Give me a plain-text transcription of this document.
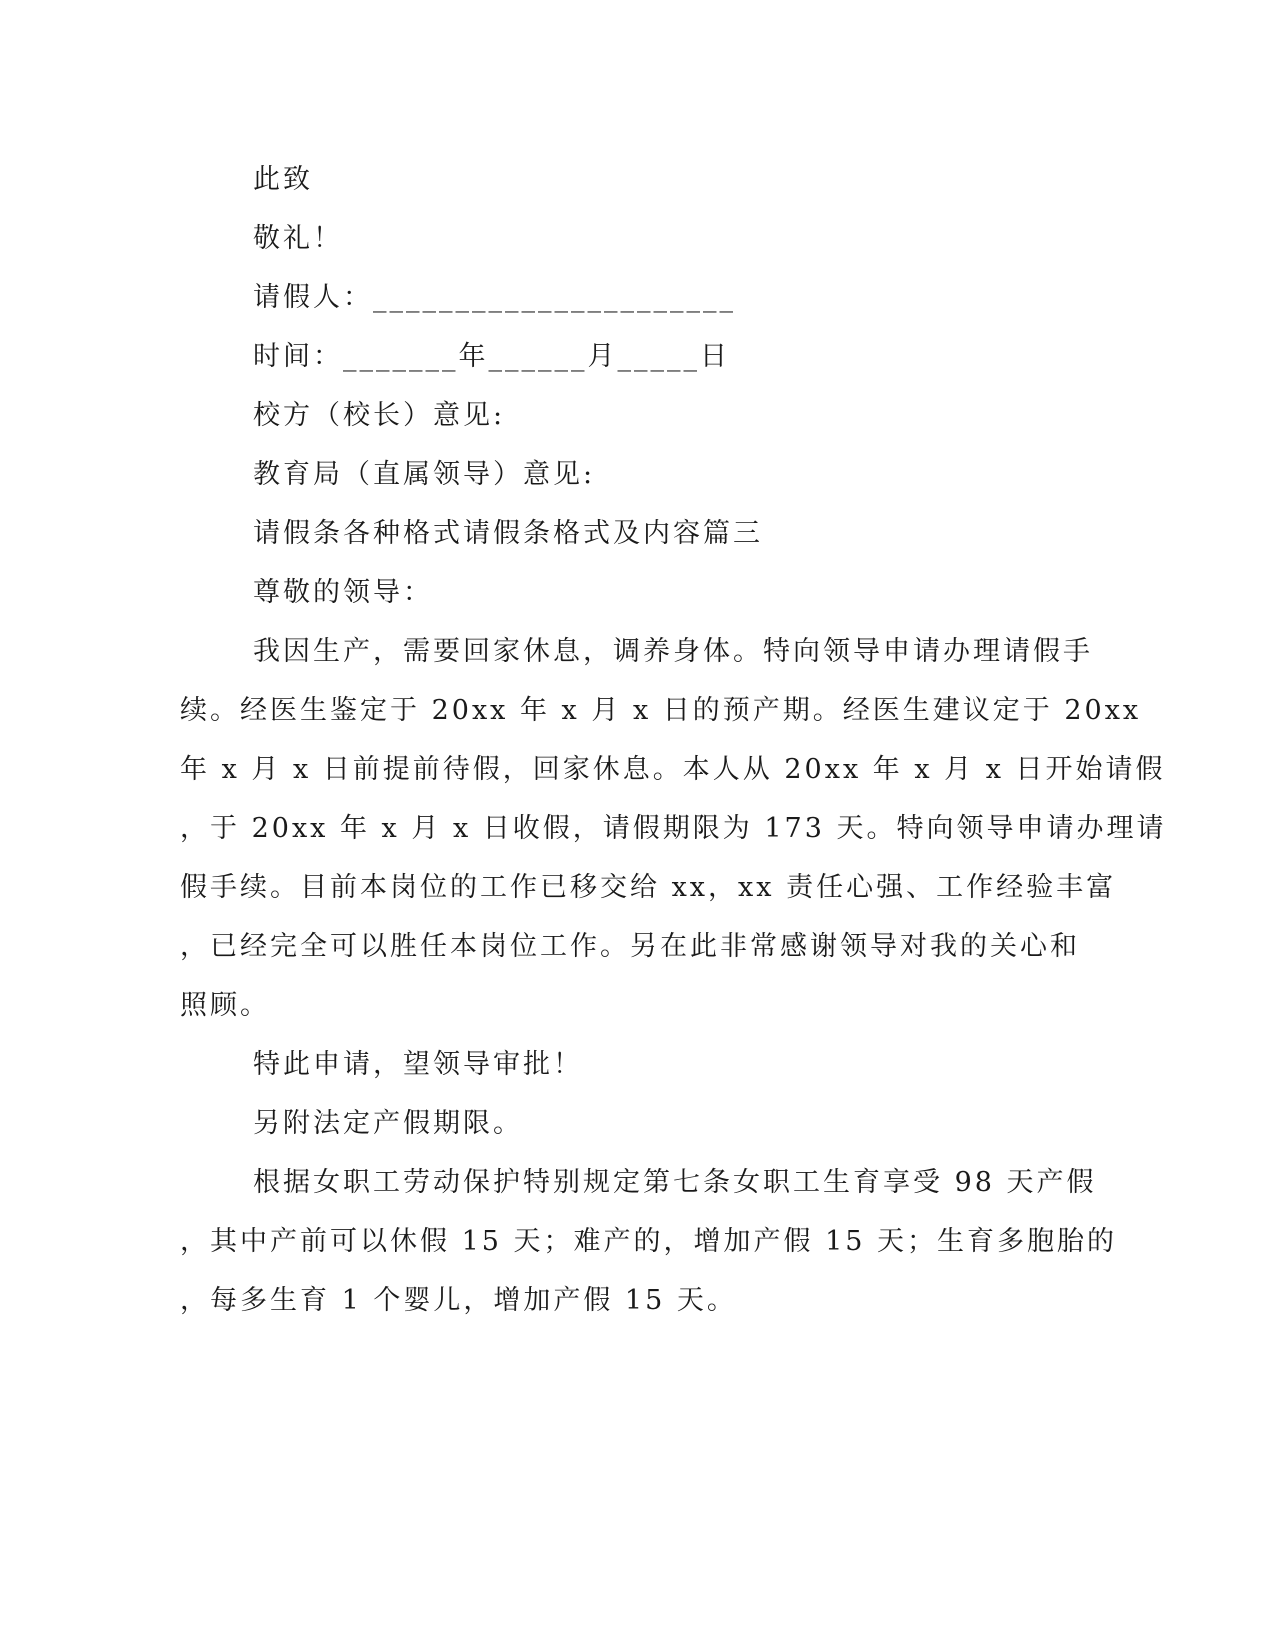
此致
敬礼！
请假人：______________________
时间：_______年______月_____日
校方（校长）意见:
教育局（直属领导）意见:
请假条各种格式请假条格式及内容篇三
尊敬的领导：
我因生产，需要回家休息，调养身体。特向领导申请办理请假手
续。经医生鉴定于 20xx 年 x 月 x 日的预产期。经医生建议定于 20xx
年 x 月 x 日前提前待假，回家休息。本人从 20xx 年 x 月 x 日开始请假
，于 20xx 年 x 月 x 日收假，请假期限为 173 天。特向领导申请办理请
假手续。目前本岗位的工作已移交给 xx，xx 责任心强、工作经验丰富
，已经完全可以胜任本岗位工作。另在此非常感谢领导对我的关心和
照顾。
特此申请，望领导审批！
另附法定产假期限。
根据女职工劳动保护特别规定第七条女职工生育享受 98 天产假
，其中产前可以休假 15 天；难产的，增加产假 15 天；生育多胞胎的
，每多生育 1 个婴儿，增加产假 15 天。
